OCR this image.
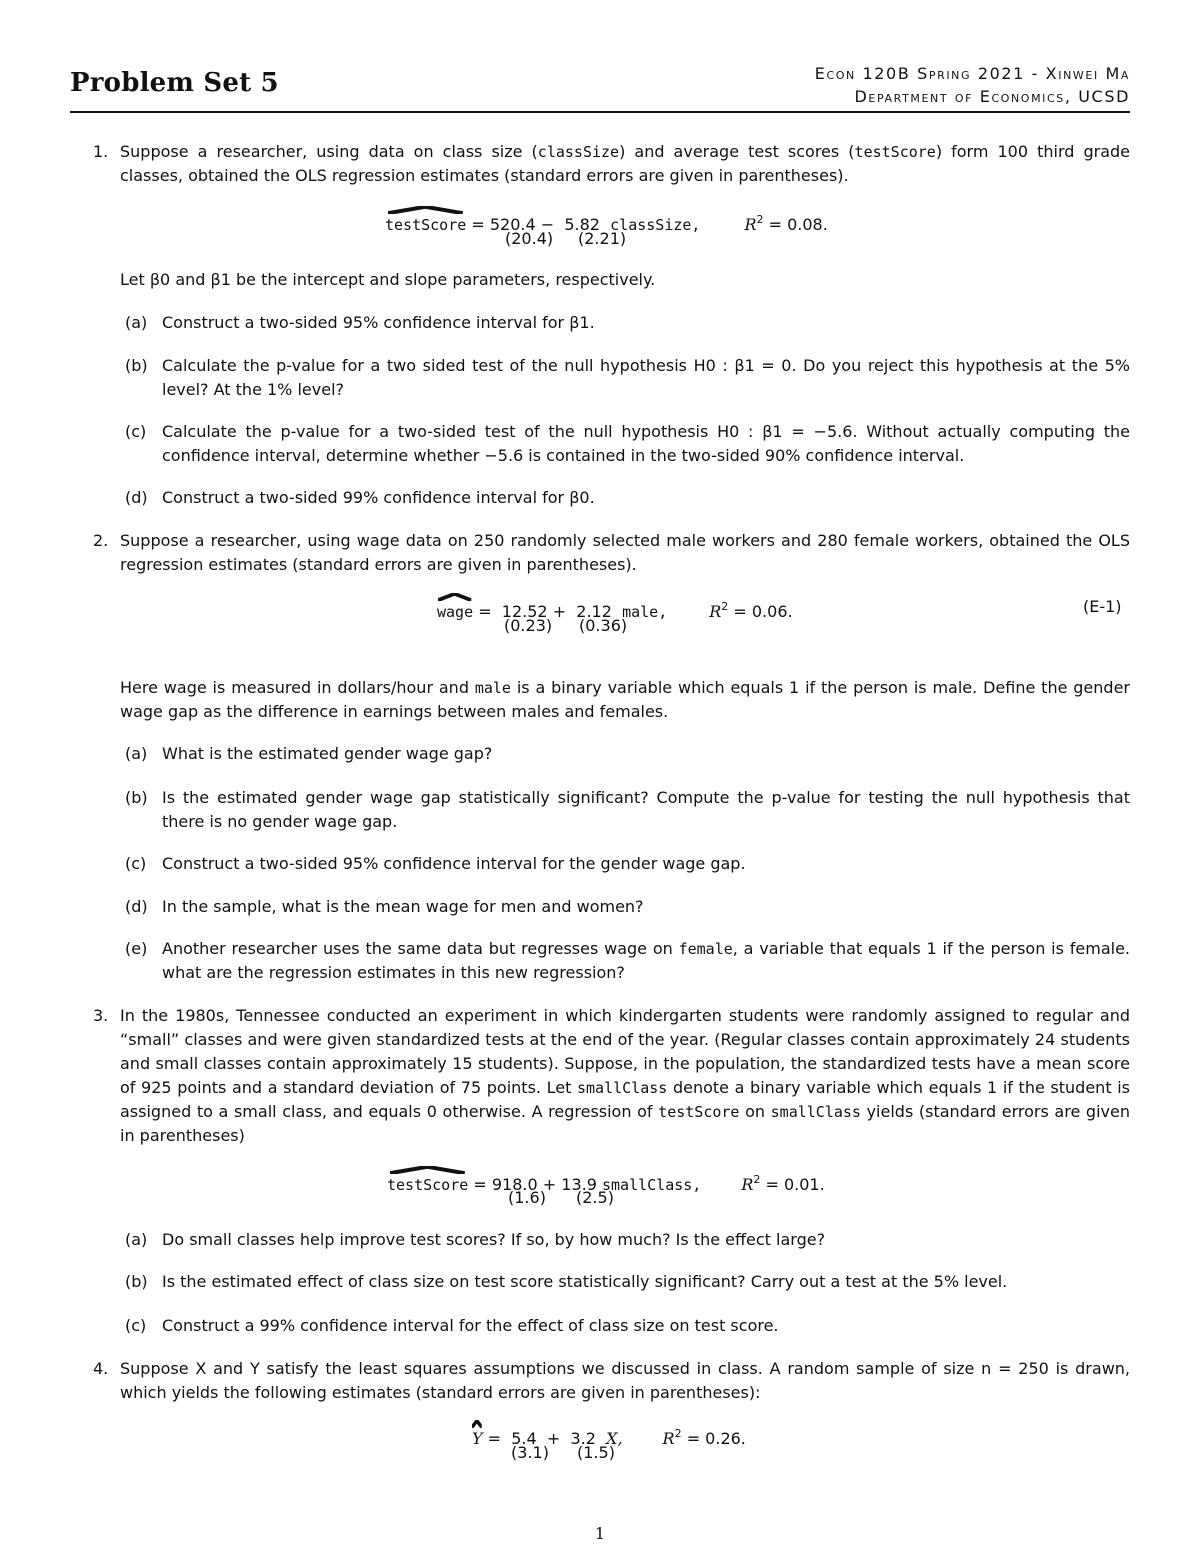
Problem Set 5	Econ 120B Spring 2021 - Xinwei Ma
Department of Economics, UCSD
1. Suppose a researcher, using data on class size (classSize) and average test scores (testScore) form 100 third grade classes, obtained the OLS regression estimates (standard errors are given in parentheses).
testScore = 520.4 − 5.82 classSize,	$R^2 = 0.08$.
(20.4) (2.21)
Let β0 and β1 be the intercept and slope parameters, respectively.
(a) Construct a two-sided 95% confidence interval for β1.
(b) Calculate the p-value for a two sided test of the null hypothesis H0 : β1 = 0. Do you reject this hypothesis at the 5% level? At the 1% level?
(c) Calculate the p-value for a two-sided test of the null hypothesis H0 : β1 = −5.6. Without actually computing the confidence interval, determine whether −5.6 is contained in the two-sided 90% confidence interval.
(d) Construct a two-sided 99% confidence interval for β0.
2. Suppose a researcher, using wage data on 250 randomly selected male workers and 280 female workers, obtained the OLS regression estimates (standard errors are given in parentheses).
wage = 12.52 + 2.12 male,	$R^2 = 0.06$.	(E-1)
(0.23) (0.36)
Here wage is measured in dollars/hour and male is a binary variable which equals 1 if the person is male. Define the gender wage gap as the difference in earnings between males and females.
(a) What is the estimated gender wage gap?
(b) Is the estimated gender wage gap statistically significant? Compute the p-value for testing the null hypothesis that there is no gender wage gap.
(c) Construct a two-sided 95% confidence interval for the gender wage gap.
(d) In the sample, what is the mean wage for men and women?
(e) Another researcher uses the same data but regresses wage on female, a variable that equals 1 if the person is female. what are the regression estimates in this new regression?
3. In the 1980s, Tennessee conducted an experiment in which kindergarten students were randomly assigned to regular and “small” classes and were given standardized tests at the end of the year. (Regular classes contain approximately 24 students and small classes contain approximately 15 students). Suppose, in the population, the standardized tests have a mean score of 925 points and a standard deviation of 75 points. Let smallClass denote a binary variable which equals 1 if the student is assigned to a small class, and equals 0 otherwise. A regression of testScore on smallClass yields (standard errors are given in parentheses)
testScore = 918.0 + 13.9 smallClass,	$R^2 = 0.01$.
(1.6) (2.5)
(a) Do small classes help improve test scores? If so, by how much? Is the effect large?
(b) Is the estimated effect of class size on test score statistically significant? Carry out a test at the 5% level.
(c) Construct a 99% confidence interval for the effect of class size on test score.
4. Suppose X and Y satisfy the least squares assumptions we discussed in class. A random sample of size n = 250 is drawn, which yields the following estimates (standard errors are given in parentheses):
Y = 5.4 + 3.2 X,	$R^2 = 0.26$.
(3.1) (1.5)
1
